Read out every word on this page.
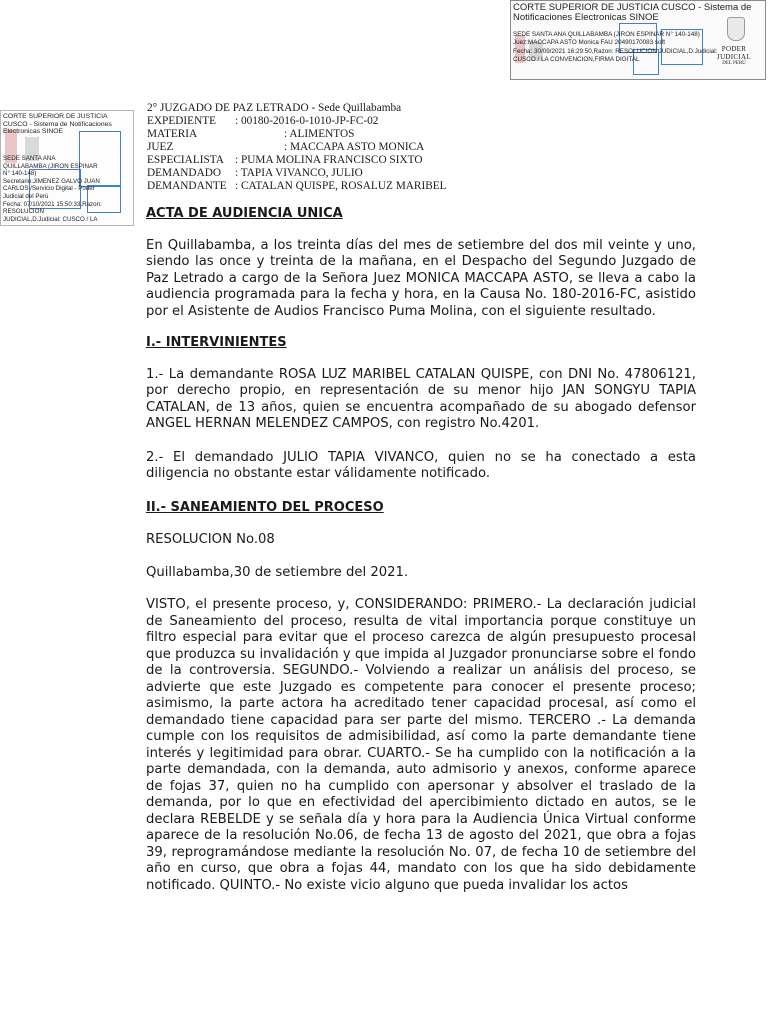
CORTE SUPERIOR DE JUSTICIA CUSCO - Sistema de Notificaciones Electronicas SINOE
SEDE SANTA ANA QUILLABAMBA (JIRON ESPINAR N° 140-148)
Juez:MACCAPA ASTO Monica FAU 20490170083 soft
Fecha: 30/09/2021 16:29:50,Razon: RESOLUCION JUDICIAL,D.Judicial:
CUSCO / LA CONVENCION,FIRMA DIGITAL
PODER JUDICIAL
DEL PERÚ
CORTE SUPERIOR DE JUSTICIA CUSCO - Sistema de Notificaciones Electronicas SINOE
SEDE SANTA ANA
QUILLABAMBA (JIRON ESPINAR
N° 140-148)
Secretario:JIMENEZ GALVO JUAN
CARLOS /Servicio Digital - Poder
Judicial del Perú
Fecha: 07/10/2021 15:50:33,Razon:
RESOLUCIÓN
JUDICIAL,D.Judicial: CUSCO / LA
2° JUZGADO DE PAZ LETRADO - Sede Quillabamba
EXPEDIENTE	: 00180-2016-0-1010-JP-FC-02
MATERIA	: ALIMENTOS
JUEZ	: MACCAPA ASTO MONICA
ESPECIALISTA : PUMA MOLINA FRANCISCO SIXTO
DEMANDADO	: TAPIA VIVANCO, JULIO
DEMANDANTE : CATALAN QUISPE, ROSALUZ MARIBEL

ACTA DE AUDIENCIA UNICA

En Quillabamba, a los treinta días del mes de setiembre del dos mil veinte y uno, siendo las once y treinta de la mañana, en el Despacho del Segundo Juzgado de Paz Letrado a cargo de la Señora Juez MONICA MACCAPA ASTO, se lleva a cabo la audiencia programada para la fecha y hora, en la Causa No. 180-2016-FC, asistido por el Asistente de Audios Francisco Puma Molina, con el siguiente resultado.

I.- INTERVINIENTES

1.- La demandante ROSA LUZ MARIBEL CATALAN QUISPE, con DNI No. 47806121, por derecho propio, en representación de su menor hijo JAN SONGYU TAPIA CATALAN, de 13 años, quien se encuentra acompañado de su abogado defensor ANGEL HERNAN MELENDEZ CAMPOS, con registro No.4201.

2.- El demandado JULIO TAPIA VIVANCO, quien no se ha conectado a esta diligencia no obstante estar válidamente notificado.

II.- SANEAMIENTO DEL PROCESO

RESOLUCION No.08

Quillabamba,30 de setiembre del 2021.

VISTO, el presente proceso, y, CONSIDERANDO: PRIMERO.- La declaración judicial de Saneamiento del proceso, resulta de vital importancia porque constituye un filtro especial para evitar que el proceso carezca de algún presupuesto procesal que produzca su invalidación y que impida al Juzgador pronunciarse sobre el fondo de la controversia. SEGUNDO.- Volviendo a realizar un análisis del proceso, se advierte que este Juzgado es competente para conocer el presente proceso; asimismo, la parte actora ha acreditado tener capacidad procesal, así como el demandado tiene capacidad para ser parte del mismo. TERCERO .- La demanda cumple con los requisitos de admisibilidad, así como la parte demandante tiene interés y legitimidad para obrar. CUARTO.- Se ha cumplido con la notificación a la parte demandada, con la demanda, auto admisorio y anexos, conforme aparece de fojas 37, quien no ha cumplido con apersonar y absolver el traslado de la demanda, por lo que en efectividad del apercibimiento dictado en autos, se le declara REBELDE y se señala día y hora para la Audiencia Única Virtual conforme aparece de la resolución No.06, de fecha 13 de agosto del 2021, que obra a fojas 39, reprogramándose mediante la resolución No. 07, de fecha 10 de setiembre del año en curso, que obra a fojas 44, mandato con los que ha sido debidamente notificado. QUINTO.- No existe vicio alguno que pueda invalidar los actos
